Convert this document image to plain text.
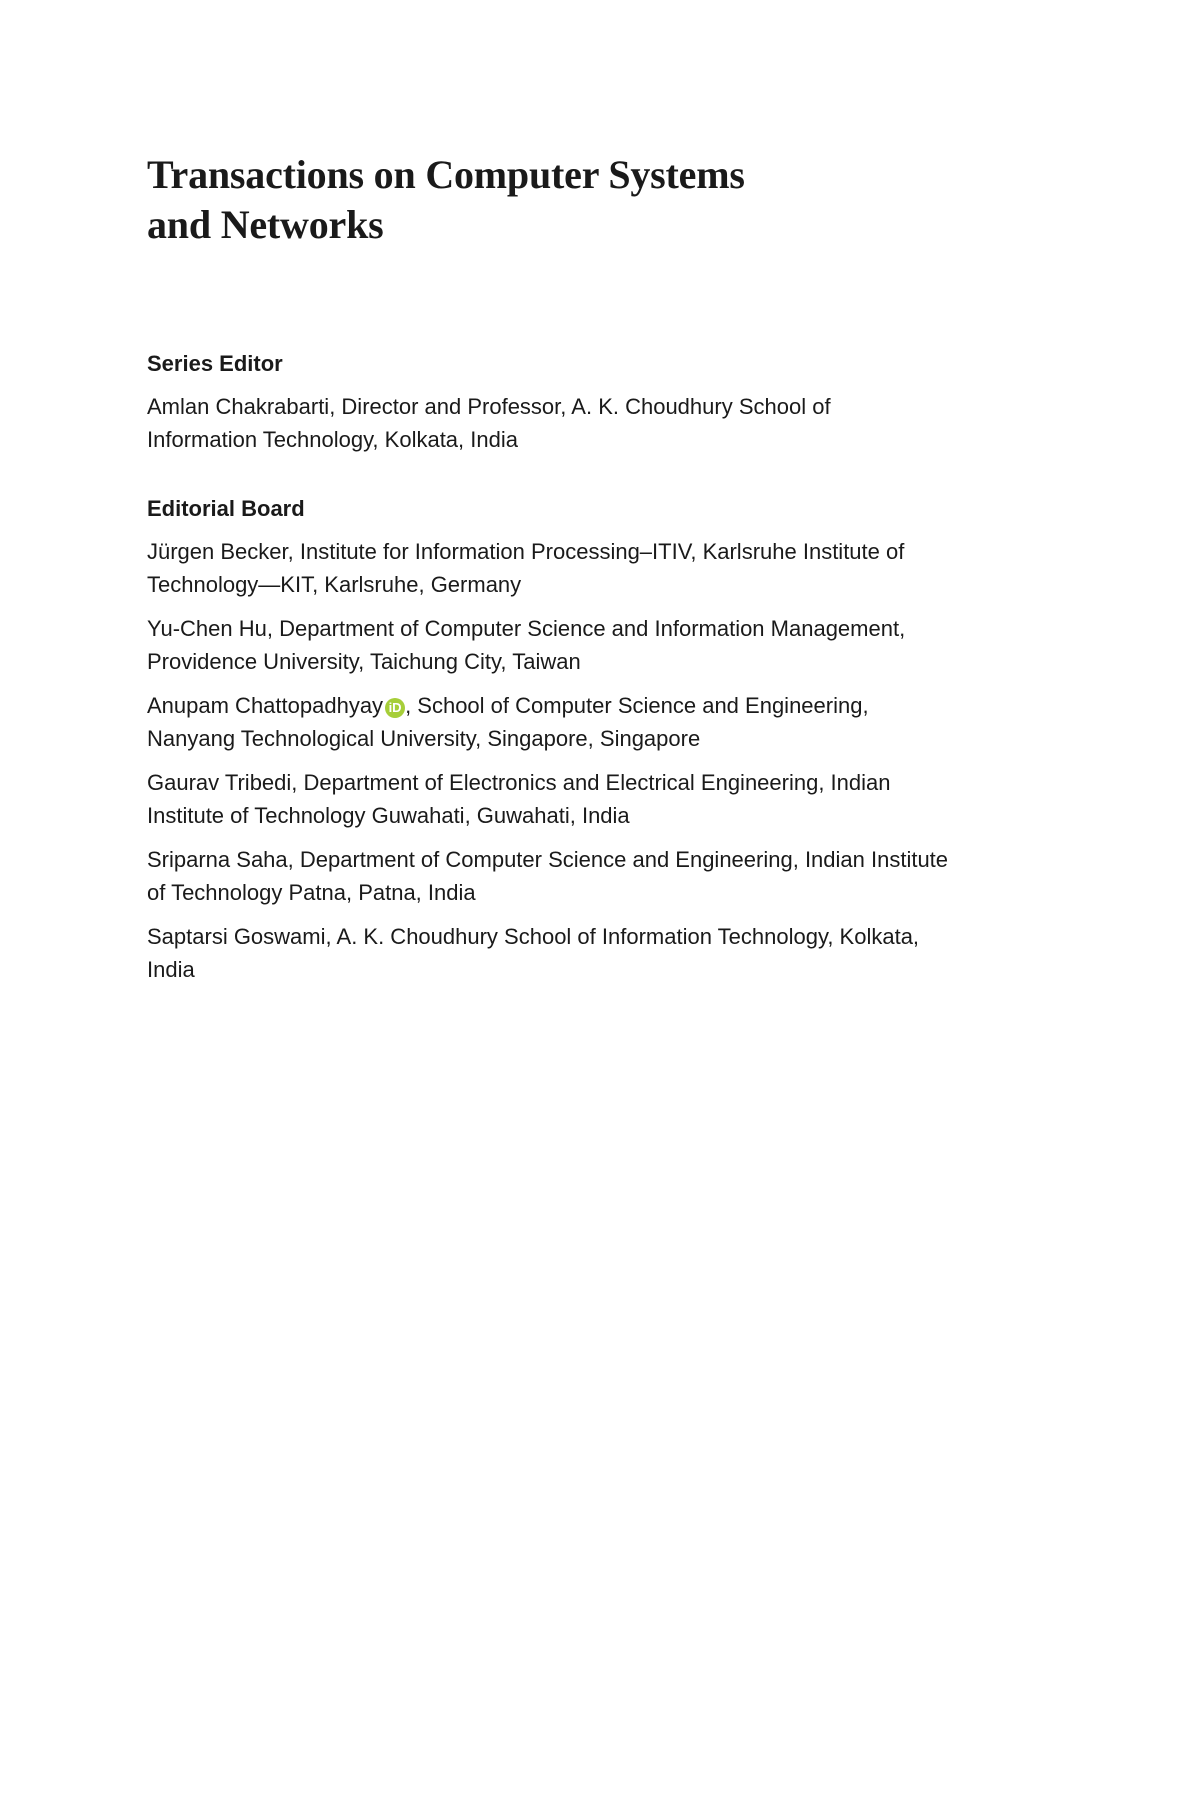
Transactions on Computer Systems
and Networks
Series Editor

Amlan Chakrabarti, Director and Professor, A. K. Choudhury School of
Information Technology, Kolkata, India

Editorial Board

Jürgen Becker, Institute for Information Processing–ITIV, Karlsruhe Institute of
Technology—KIT, Karlsruhe, Germany

Yu-Chen Hu, Department of Computer Science and Information Management,
Providence University, Taichung City, Taiwan

Anupam Chattopadhyay iD , School of Computer Science and Engineering,
Nanyang Technological University, Singapore, Singapore

Gaurav Tribedi, Department of Electronics and Electrical Engineering, Indian
Institute of Technology Guwahati, Guwahati, India

Sriparna Saha, Department of Computer Science and Engineering, Indian Institute
of Technology Patna, Patna, India

Saptarsi Goswami, A. K. Choudhury School of Information Technology, Kolkata,
India
